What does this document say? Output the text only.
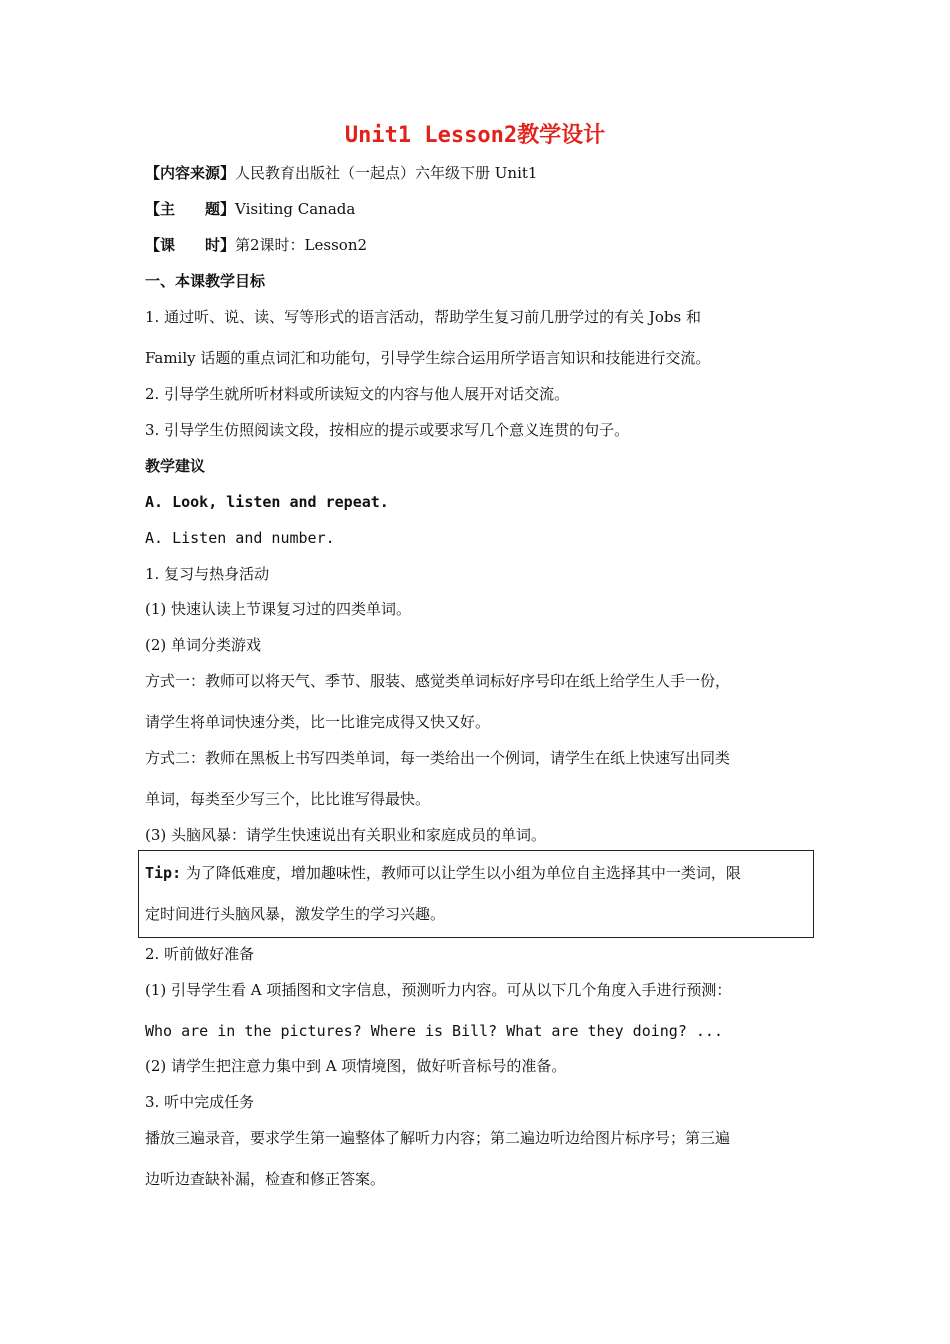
Unit1 Lesson2教学设计
【内容来源】人民教育出版社（一起点）六年级下册 Unit1
【主　　题】Visiting Canada
【课　　时】第2课时：Lesson2
一、本课教学目标
1. 通过听、说、读、写等形式的语言活动，帮助学生复习前几册学过的有关 Jobs 和
Family 话题的重点词汇和功能句，引导学生综合运用所学语言知识和技能进行交流。
2. 引导学生就所听材料或所读短文的内容与他人展开对话交流。
3. 引导学生仿照阅读文段，按相应的提示或要求写几个意义连贯的句子。
教学建议
A. Look, listen and repeat.
A. Listen and number.
1. 复习与热身活动
(1) 快速认读上节课复习过的四类单词。
(2) 单词分类游戏
方式一：教师可以将天气、季节、服装、感觉类单词标好序号印在纸上给学生人手一份，
请学生将单词快速分类，比一比谁完成得又快又好。
方式二：教师在黑板上书写四类单词，每一类给出一个例词，请学生在纸上快速写出同类
单词，每类至少写三个，比比谁写得最快。
(3) 头脑风暴：请学生快速说出有关职业和家庭成员的单词。
Tip: 为了降低难度，增加趣味性，教师可以让学生以小组为单位自主选择其中一类词，限
定时间进行头脑风暴，激发学生的学习兴趣。
2. 听前做好准备
(1) 引导学生看 A 项插图和文字信息，预测听力内容。可从以下几个角度入手进行预测：
Who are in the pictures? Where is Bill? What are they doing? ...
(2) 请学生把注意力集中到 A 项情境图，做好听音标号的准备。
3. 听中完成任务
播放三遍录音，要求学生第一遍整体了解听力内容；第二遍边听边给图片标序号；第三遍
边听边查缺补漏，检查和修正答案。
